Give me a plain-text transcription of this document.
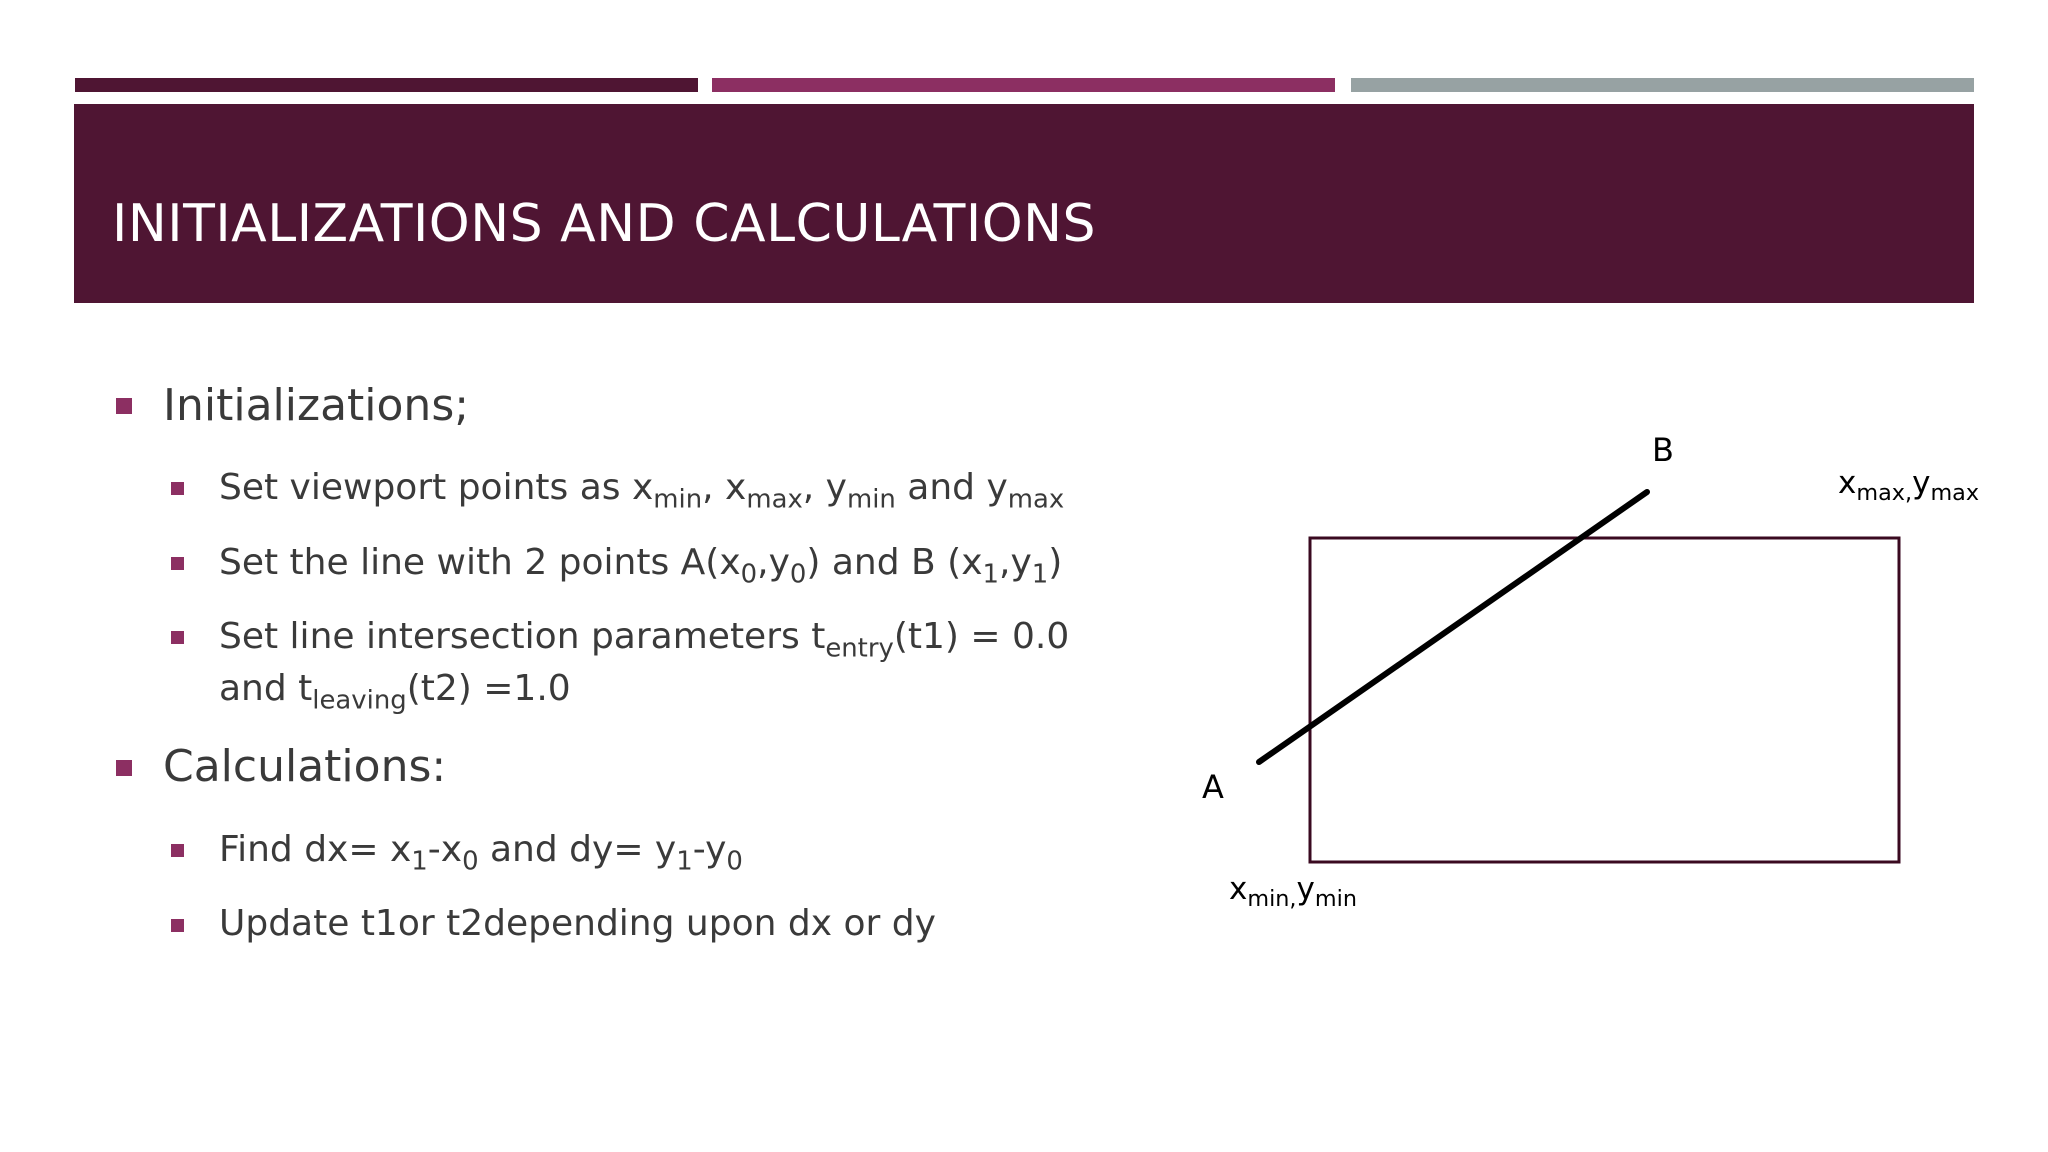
INITIALIZATIONS AND CALCULATIONS
Initializations;
Set viewport points as $x_{min}$, $x_{max}$, $y_{min}$ and $y_{max}$
Set the line with 2 points $A(x_0,y_0)$ and B $(x_1,y_1)$
Set line intersection parameters $t_{entry}(t1) = 0.0$
and $t_{leaving}(t2) =1.0$
Calculations:
Find $dx= x_1-x_0$ and $dy= y_1-y_0$
Update t1or t2depending upon dx or dy
A
B
$x_{max,}y_{max}$
$x_{min,}y_{min}$
